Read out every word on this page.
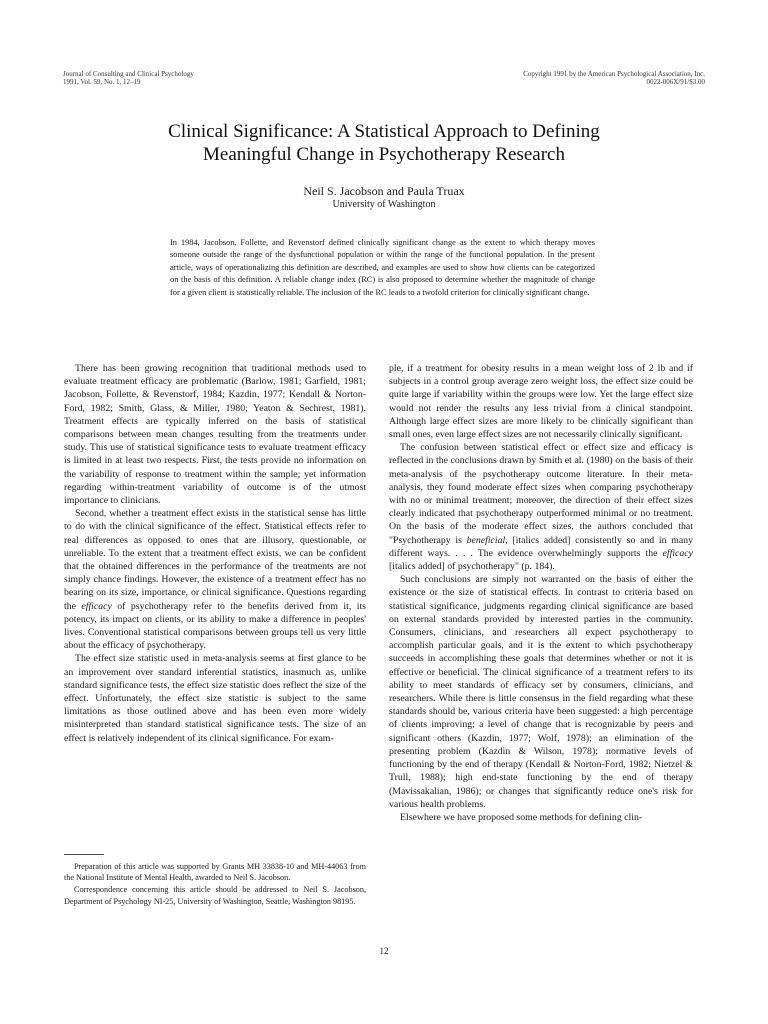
Journal of Consulting and Clinical Psychology
1991, Vol. 59, No. 1, 12–19
Copyright 1991 by the American Psychological Association, Inc.
0022-006X/91/$3.00
Clinical Significance: A Statistical Approach to Defining
Meaningful Change in Psychotherapy Research
Neil S. Jacobson and Paula Truax
University of Washington

In 1984, Jacobson, Follette, and Revenstorf defined clinically significant change as the extent to which therapy moves someone outside the range of the dysfunctional population or within the range of the functional population. In the present article, ways of operationalizing this definition are described, and examples are used to show how clients can be categorized on the basis of this definition. A reliable change index (RC) is also proposed to determine whether the magnitude of change for a given client is statistically reliable. The inclusion of the RC leads to a twofold criterion for clinically significant change.

There has been growing recognition that traditional methods used to evaluate treatment efficacy are problematic (Barlow, 1981; Garfield, 1981; Jacobson, Follette, & Revenstorf, 1984; Kazdin, 1977; Kendall & Norton-Ford, 1982; Smith, Glass, & Miller, 1980; Yeaton & Sechrest, 1981). Treatment effects are typically inferred on the basis of statistical comparisons between mean changes resulting from the treatments under study. This use of statistical significance tests to evaluate treatment efficacy is limited in at least two respects. First, the tests provide no information on the variability of response to treatment within the sample; yet information regarding within-treatment variability of outcome is of the utmost importance to clinicians.

Second, whether a treatment effect exists in the statistical sense has little to do with the clinical significance of the effect. Statistical effects refer to real differences as opposed to ones that are illusory, questionable, or unreliable. To the extent that a treatment effect exists, we can be confident that the obtained differences in the performance of the treatments are not simply chance findings. However, the existence of a treatment effect has no bearing on its size, importance, or clinical significance. Questions regarding the efficacy of psychotherapy refer to the benefits derived from it, its potency, its impact on clients, or its ability to make a difference in peoples' lives. Conventional statistical comparisons between groups tell us very little about the efficacy of psychotherapy.

The effect size statistic used in meta-analysis seems at first glance to be an improvement over standard inferential statistics, inasmuch as, unlike standard significance tests, the effect size statistic does reflect the size of the effect. Unfortunately, the effect size statistic is subject to the same limitations as those outlined above and has been even more widely misinterpreted than standard statistical significance tests. The size of an effect is relatively independent of its clinical significance. For exam-

ple, if a treatment for obesity results in a mean weight loss of 2 lb and if subjects in a control group average zero weight loss, the effect size could be quite large if variability within the groups were low. Yet the large effect size would not render the results any less trivial from a clinical standpoint. Although large effect sizes are more likely to be clinically significant than small ones, even large effect sizes are not necessarily clinically significant.

The confusion between statistical effect or effect size and efficacy is reflected in the conclusions drawn by Smith et al. (1980) on the basis of their meta-analysis of the psychotherapy outcome literature. In their meta-analysis, they found moderate effect sizes when comparing psychotherapy with no or minimal treatment; moreover, the direction of their effect sizes clearly indicated that psychotherapy outperformed minimal or no treatment. On the basis of the moderate effect sizes, the authors concluded that "Psychotherapy is beneficial, [italics added] consistently so and in many different ways. . . . The evidence overwhelmingly supports the efficacy [italics added] of psychotherapy" (p. 184).

Such conclusions are simply not warranted on the basis of either the existence or the size of statistical effects. In contrast to criteria based on statistical significance, judgments regarding clinical significance are based on external standards provided by interested parties in the community. Consumers, clinicians, and researchers all expect psychotherapy to accomplish particular goals, and it is the extent to which psychotherapy succeeds in accomplishing these goals that determines whether or not it is effective or beneficial. The clinical significance of a treatment refers to its ability to meet standards of efficacy set by consumers, clinicians, and researchers. While there is little consensus in the field regarding what these standards should be, various criteria have been suggested: a high percentage of clients improving; a level of change that is recognizable by peers and significant others (Kazdin, 1977; Wolf, 1978); an elimination of the presenting problem (Kazdin & Wilson, 1978); normative levels of functioning by the end of therapy (Kendall & Norton-Ford, 1982; Nietzel & Trull, 1988); high end-state functioning by the end of therapy (Mavissakalian, 1986); or changes that significantly reduce one's risk for various health problems.

Elsewhere we have proposed some methods for defining clin-

Preparation of this article was supported by Grants MH 33838-10 and MH-44063 from the National Institute of Mental Health, awarded to Neil S. Jacobson.

Correspondence concerning this article should be addressed to Neil S. Jacobson, Department of Psychology NI-25, University of Washington, Seattle, Washington 98195.

12
